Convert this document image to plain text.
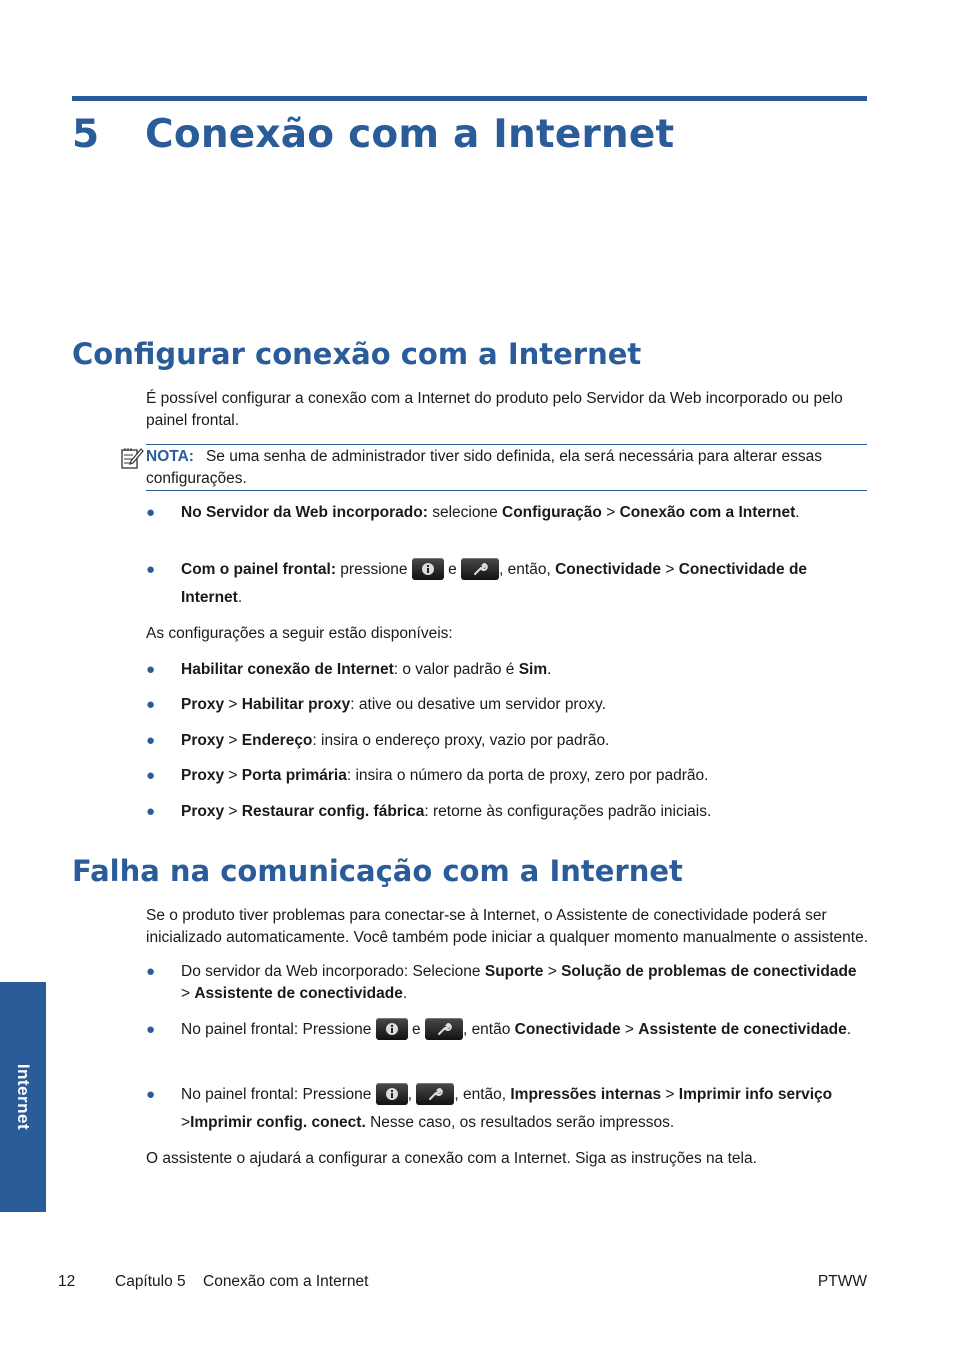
5 Conexão com a Internet
Configurar conexão com a Internet
É possível configurar a conexão com a Internet do produto pelo Servidor da Web incorporado ou pelo painel frontal.
NOTA: Se uma senha de administrador tiver sido definida, ela será necessária para alterar essas configurações.
● No Servidor da Web incorporado: selecione Configuração > Conexão com a Internet.
● Com o painel frontal: pressione
e
, então, Conectividade > Conectividade de Internet.
As configurações a seguir estão disponíveis:
● Habilitar conexão de Internet: o valor padrão é Sim.
● Proxy > Habilitar proxy: ative ou desative um servidor proxy.
● Proxy > Endereço: insira o endereço proxy, vazio por padrão.
● Proxy > Porta primária: insira o número da porta de proxy, zero por padrão.
● Proxy > Restaurar config. fábrica: retorne às configurações padrão iniciais.
Falha na comunicação com a Internet
Se o produto tiver problemas para conectar-se à Internet, o Assistente de conectividade poderá ser inicializado automaticamente. Você também pode iniciar a qualquer momento manualmente o assistente.
● Do servidor da Web incorporado: Selecione Suporte > Solução de problemas de conectividade > Assistente de conectividade.
● No painel frontal: Pressione
e
, então Conectividade > Assistente de conectividade.
● No painel frontal: Pressione
,
, então, Impressões internas > Imprimir info serviço >Imprimir config. conect. Nesse caso, os resultados serão impressos.
O assistente o ajudará a configurar a conexão com a Internet. Siga as instruções na tela.
Internet
12	Capítulo 5 Conexão com a Internet	PTWW
